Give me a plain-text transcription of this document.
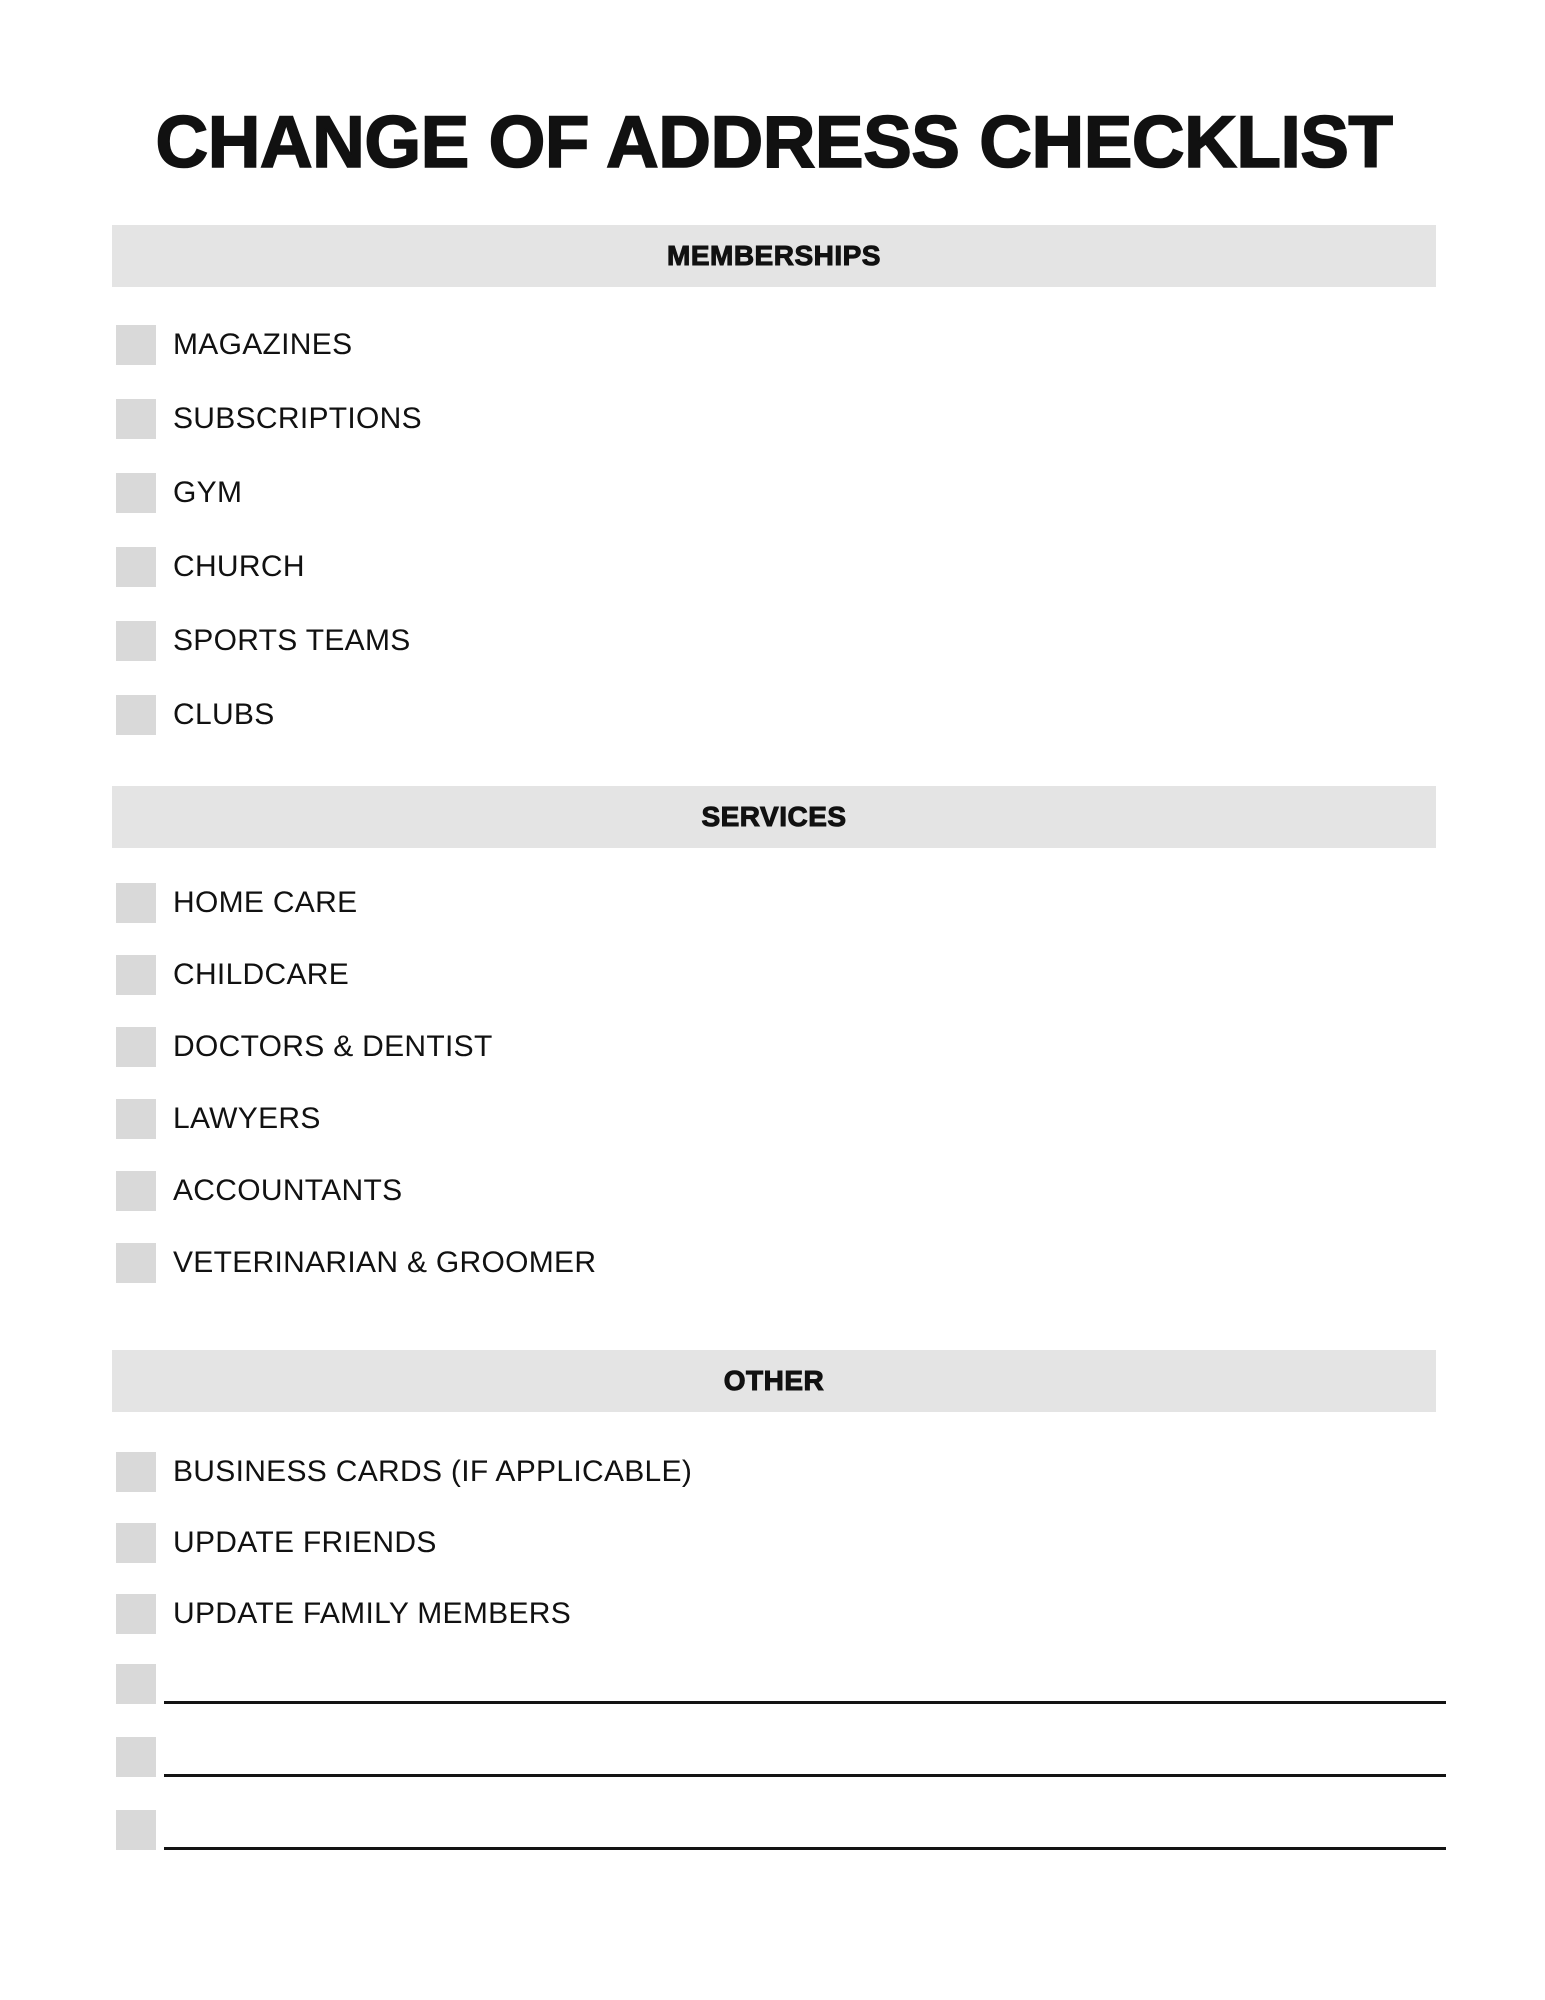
CHANGE OF ADDRESS CHECKLIST
MEMBERSHIPS
MAGAZINES
SUBSCRIPTIONS
GYM
CHURCH
SPORTS TEAMS
CLUBS
SERVICES
HOME CARE
CHILDCARE
DOCTORS & DENTIST
LAWYERS
ACCOUNTANTS
VETERINARIAN & GROOMER
OTHER
BUSINESS CARDS (IF APPLICABLE)
UPDATE FRIENDS
UPDATE FAMILY MEMBERS
